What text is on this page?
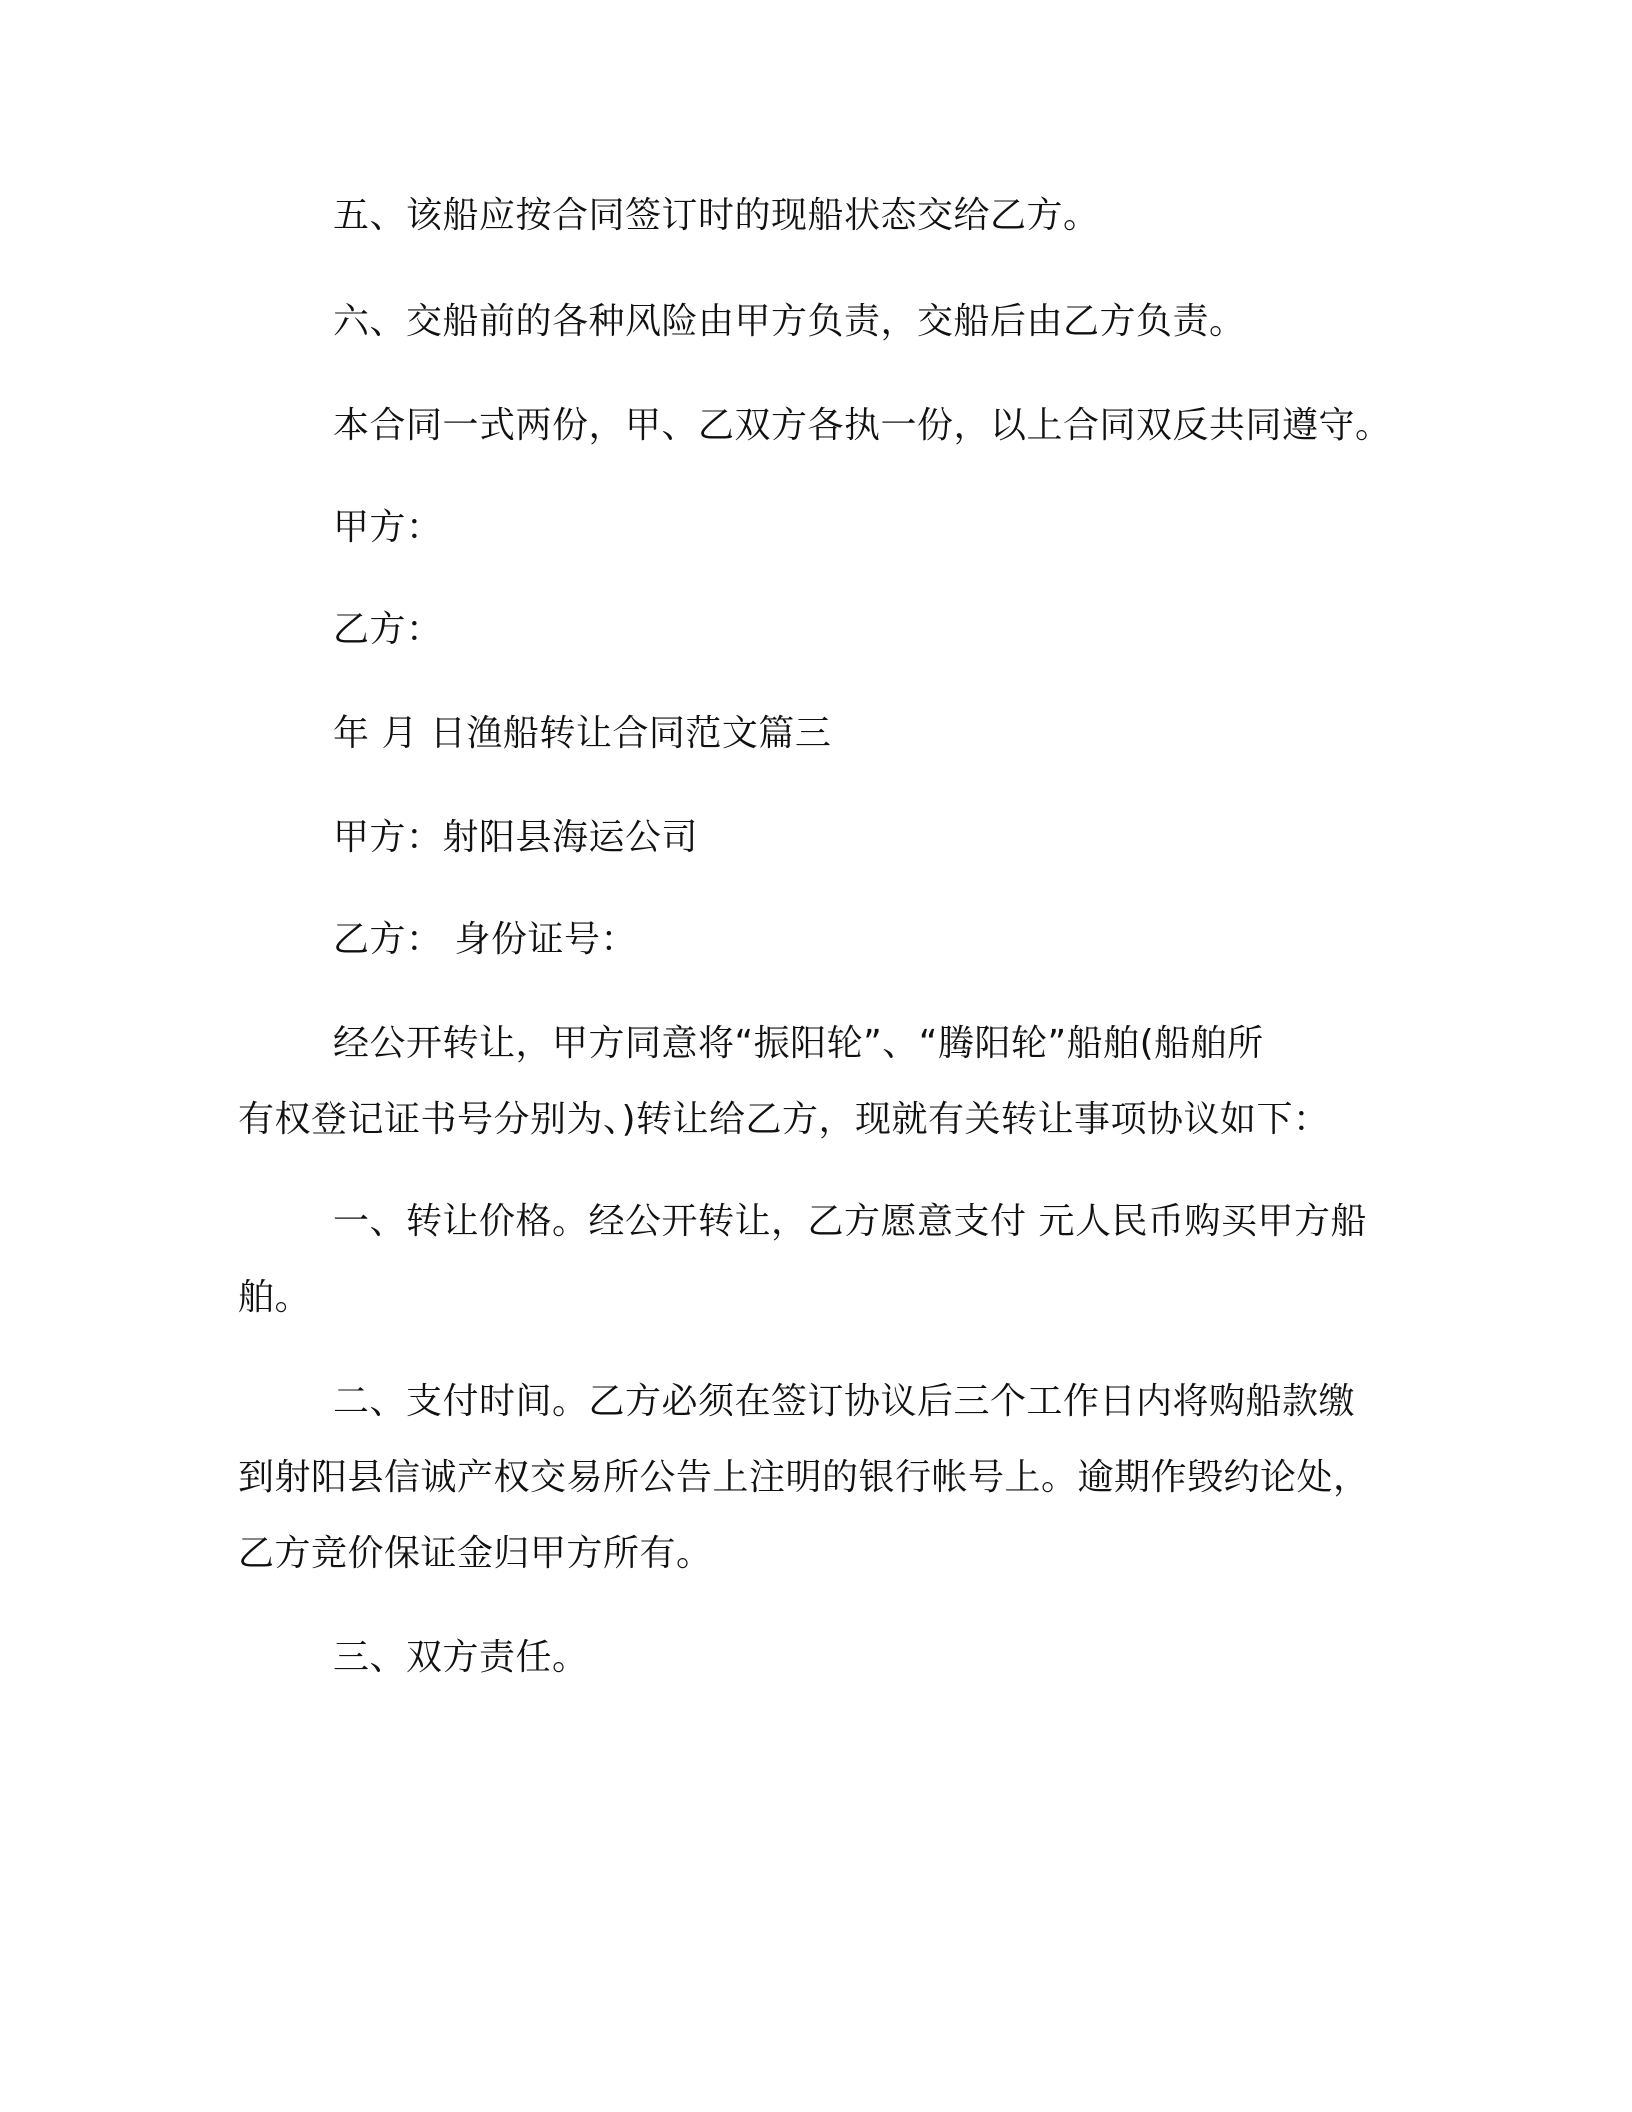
五、该船应按合同签订时的现船状态交给乙方。
六、交船前的各种风险由甲方负责，交船后由乙方负责。
本合同一式两份，甲、乙双方各执一份，以上合同双反共同遵守。
甲方：
乙方：
年 月 日渔船转让合同范文篇三
甲方：射阳县海运公司
乙方： 身份证号：
经公开转让，甲方同意将“振阳轮”、“腾阳轮”船舶(船舶所
有权登记证书号分别为、)转让给乙方，现就有关转让事项协议如下：
一、转让价格。经公开转让，乙方愿意支付 元人民币购买甲方船
舶。
二、支付时间。乙方必须在签订协议后三个工作日内将购船款缴
到射阳县信诚产权交易所公告上注明的银行帐号上。逾期作毁约论处，
乙方竞价保证金归甲方所有。
三、双方责任。
